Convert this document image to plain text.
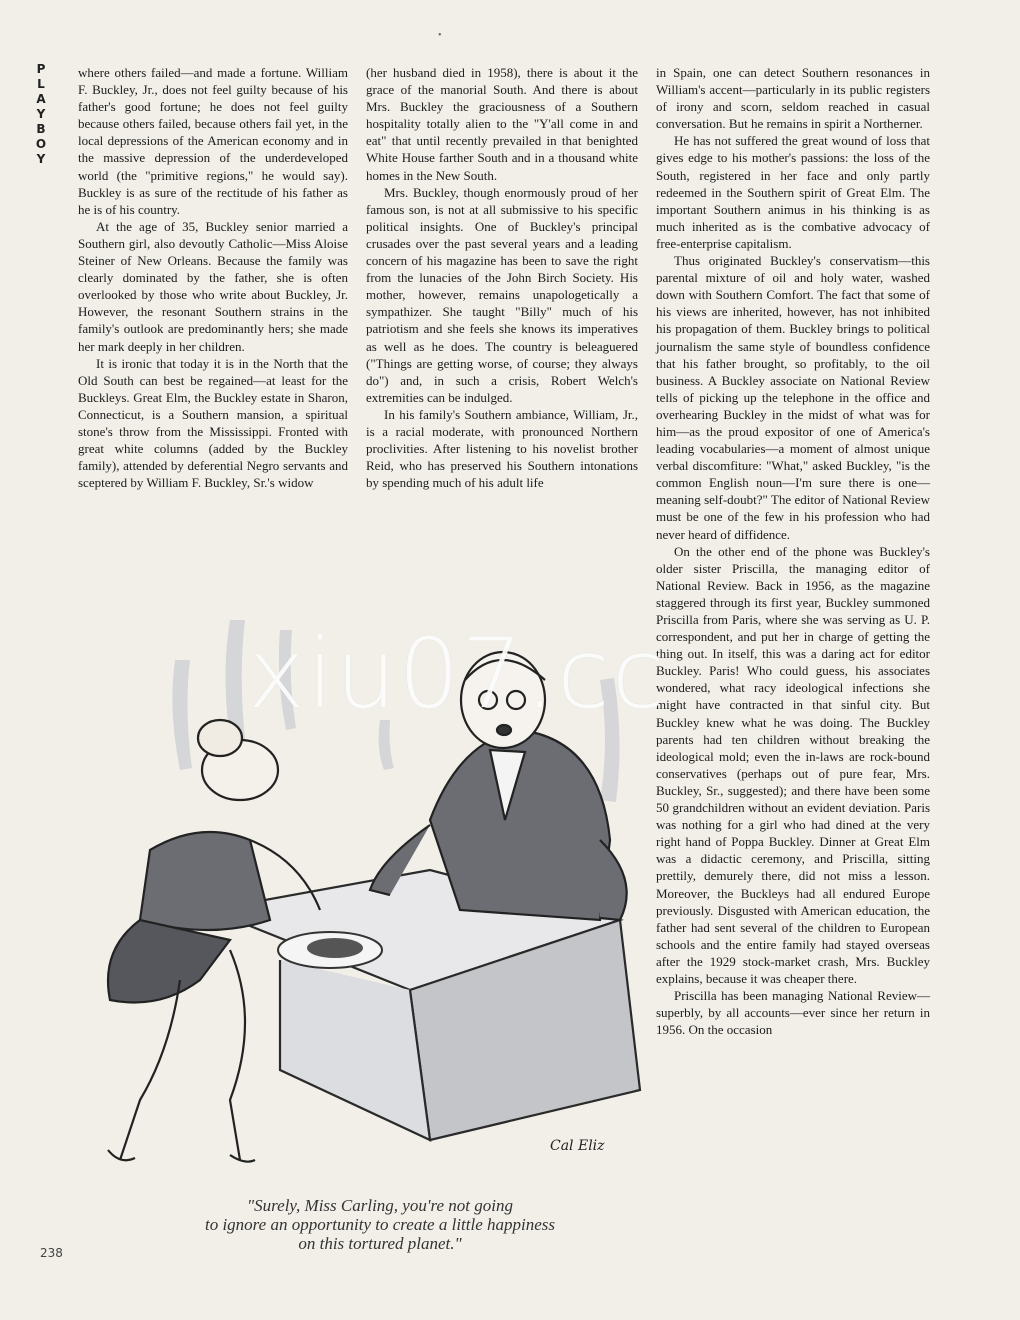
PLAYBOY
•

where others failed—and made a fortune. William F. Buckley, Jr., does not feel guilty because of his father's good fortune; he does not feel guilty because others failed, because others fail yet, in the local depressions of the American economy and in the massive depression of the underdeveloped world (the "primitive regions," he would say). Buckley is as sure of the rectitude of his father as he is of his country.

At the age of 35, Buckley senior married a Southern girl, also devoutly Catholic—Miss Aloise Steiner of New Orleans. Because the family was clearly dominated by the father, she is often overlooked by those who write about Buckley, Jr. However, the resonant Southern strains in the family's outlook are predominantly hers; she made her mark deeply in her children.

It is ironic that today it is in the North that the Old South can best be regained—at least for the Buckleys. Great Elm, the Buckley estate in Sharon, Connecticut, is a Southern mansion, a spiritual stone's throw from the Mississippi. Fronted with great white columns (added by the Buckley family), attended by deferential Negro servants and sceptered by William F. Buckley, Sr.'s widow

(her husband died in 1958), there is about it the grace of the manorial South. And there is about Mrs. Buckley the graciousness of a Southern hospitality totally alien to the "Y'all come in and eat" that until recently prevailed in that benighted White House farther South and in a thousand white homes in the New South.

Mrs. Buckley, though enormously proud of her famous son, is not at all submissive to his specific political insights. One of Buckley's principal crusades over the past several years and a leading concern of his magazine has been to save the right from the lunacies of the John Birch Society. His mother, however, remains unapologetically a sympathizer. She taught "Billy" much of his patriotism and she feels she knows its imperatives as well as he does. The country is beleaguered ("Things are getting worse, of course; they always do") and, in such a crisis, Robert Welch's extremities can be indulged.

In his family's Southern ambiance, William, Jr., is a racial moderate, with pronounced Northern proclivities. After listening to his novelist brother Reid, who has preserved his Southern intonations by spending much of his adult life

in Spain, one can detect Southern resonances in William's accent—particularly in its public registers of irony and scorn, seldom reached in casual conversation. But he remains in spirit a Northerner.

He has not suffered the great wound of loss that gives edge to his mother's passions: the loss of the South, registered in her face and only partly redeemed in the Southern spirit of Great Elm. The important Southern animus in his thinking is as much inherited as is the combative advocacy of free-enterprise capitalism.

Thus originated Buckley's conservatism—this parental mixture of oil and holy water, washed down with Southern Comfort. The fact that some of his views are inherited, however, has not inhibited his propagation of them. Buckley brings to political journalism the same style of boundless confidence that his father brought, so profitably, to the oil business. A Buckley associate on National Review tells of picking up the telephone in the office and overhearing Buckley in the midst of what was for him—as the proud expositor of one of America's leading vocabularies—a moment of almost unique verbal discomfiture: "What," asked Buckley, "is the common English noun—I'm sure there is one—meaning self-doubt?" The editor of National Review must be one of the few in his profession who had never heard of diffidence.

On the other end of the phone was Buckley's older sister Priscilla, the managing editor of National Review. Back in 1956, as the magazine staggered through its first year, Buckley summoned Priscilla from Paris, where she was serving as U. P. correspondent, and put her in charge of getting the thing out. In itself, this was a daring act for editor Buckley. Paris! Who could guess, his associates wondered, what racy ideological infections she might have contracted in that sinful city. But Buckley knew what he was doing. The Buckley parents had ten children without breaking the ideological mold; even the in-laws are rock-bound conservatives (perhaps out of pure fear, Mrs. Buckley, Sr., suggested); and there have been some 50 grandchildren without an evident deviation. Paris was nothing for a girl who had dined at the very right hand of Poppa Buckley. Dinner at Great Elm was a didactic ceremony, and Priscilla, sitting prettily, demurely there, did not miss a lesson. Moreover, the Buckleys had all endured Europe previously. Disgusted with American education, the father had sent several of the children to European schools and the entire family had stayed overseas after the 1929 stock-market crash, Mrs. Buckley explains, because it was cheaper there.

Priscilla has been managing National Review—superbly, by all accounts—ever since her return in 1956. On the occasion

Cal Eliz
"Surely, Miss Carling, you're not going
to ignore an opportunity to create a little happiness
on this tortured planet."
238
xiu07.cc
